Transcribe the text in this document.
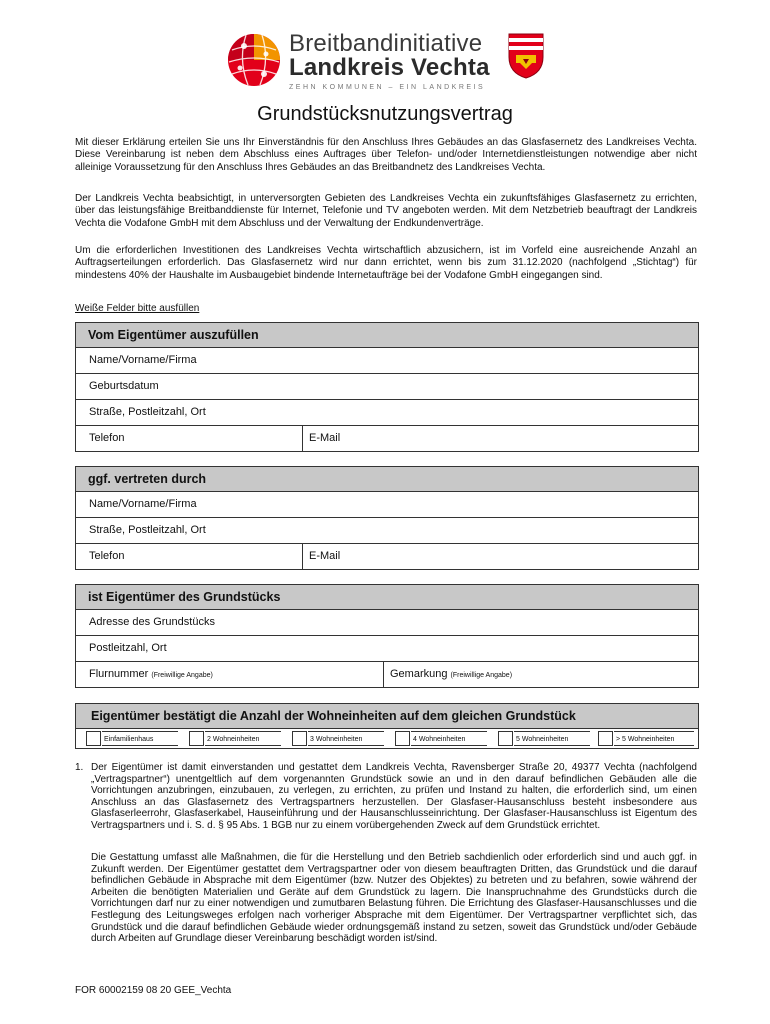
Breitbandinitiative
Landkreis Vechta
ZEHN KOMMUNEN – EIN LANDKREIS
Grundstücksnutzungsvertrag
Mit dieser Erklärung erteilen Sie uns Ihr Einverständnis für den Anschluss Ihres Gebäudes an das Glasfasernetz des Landkreises Vechta. Diese Vereinbarung ist neben dem Abschluss eines Auftrages über Telefon- und/oder Internetdienstleistungen notwendige aber nicht alleinige Voraussetzung für den Anschluss Ihres Gebäudes an das Breitbandnetz des Landkreises Vechta.
Der Landkreis Vechta beabsichtigt, in unterversorgten Gebieten des Landkreises Vechta ein zukunftsfähiges Glasfasernetz zu errichten, über das leistungsfähige Breitbanddienste für Internet, Telefonie und TV angeboten werden. Mit dem Netzbetrieb beauftragt der Landkreis Vechta die Vodafone GmbH mit dem Abschluss und der Verwaltung der Endkundenverträge.
Um die erforderlichen Investitionen des Landkreises Vechta wirtschaftlich abzusichern, ist im Vorfeld eine ausreichende Anzahl an Auftragserteilungen erforderlich. Das Glasfasernetz wird nur dann errichtet, wenn bis zum 31.12.2020 (nachfolgend „Stichtag“) für mindestens 40% der Haushalte im Ausbaugebiet bindende Internetaufträge bei der Vodafone GmbH eingegangen sind.
Weiße Felder bitte ausfüllen
Vom Eigentümer auszufüllen
Name/Vorname/Firma
Geburtsdatum
Straße, Postleitzahl, Ort
Telefon	E-Mail
ggf. vertreten durch
Name/Vorname/Firma
Straße, Postleitzahl, Ort
Telefon	E-Mail
ist Eigentümer des Grundstücks
Adresse des Grundstücks
Postleitzahl, Ort
Flurnummer (Freiwillige Angabe)	Gemarkung (Freiwillige Angabe)
Eigentümer bestätigt die Anzahl der Wohneinheiten auf dem gleichen Grundstück
Einfamilienhaus	2 Wohneinheiten	3 Wohneinheiten	4 Wohneinheiten	5 Wohneinheiten	> 5 Wohneinheiten
1. Der Eigentümer ist damit einverstanden und gestattet dem Landkreis Vechta, Ravensberger Straße 20, 49377 Vechta (nachfolgend „Vertragspartner“) unentgeltlich auf dem vorgenannten Grundstück sowie an und in den darauf befindlichen Gebäuden alle die Vorrichtungen anzubringen, einzubauen, zu verlegen, zu errichten, zu prüfen und Instand zu halten, die erforderlich sind, um einen Anschluss an das Glasfasernetz des Vertragspartners herzustellen. Der Glasfaser-Hausanschluss besteht insbesondere aus Glasfaserleerrohr, Glasfaserkabel, Hauseinführung und der Hausanschlusseinrichtung. Der Glasfaser-Hausanschluss ist Eigentum des Vertragspartners und i. S. d. § 95 Abs. 1 BGB nur zu einem vorübergehenden Zweck auf dem Grundstück errichtet.
Die Gestattung umfasst alle Maßnahmen, die für die Herstellung und den Betrieb sachdienlich oder erforderlich sind und auch ggf. in Zukunft werden. Der Eigentümer gestattet dem Vertragspartner oder von diesem beauftragten Dritten, das Grundstück und die darauf befindlichen Gebäude in Absprache mit dem Eigentümer (bzw. Nutzer des Objektes) zu betreten und zu befahren, sowie während der Arbeiten die benötigten Materialien und Geräte auf dem Grundstück zu lagern. Die Inanspruchnahme des Grundstücks durch die Vorrichtungen darf nur zu einer notwendigen und zumutbaren Belastung führen. Die Errichtung des Glasfaser-Hausanschlusses und die Festlegung des Leitungsweges erfolgen nach vorheriger Absprache mit dem Eigentümer. Der Vertragspartner verpflichtet sich, das Grundstück und die darauf befindlichen Gebäude wieder ordnungsgemäß instand zu setzen, soweit das Grundstück und/oder Gebäude durch Arbeiten auf Grundlage dieser Vereinbarung beschädigt worden ist/sind.
FOR 60002159 08 20 GEE_Vechta
